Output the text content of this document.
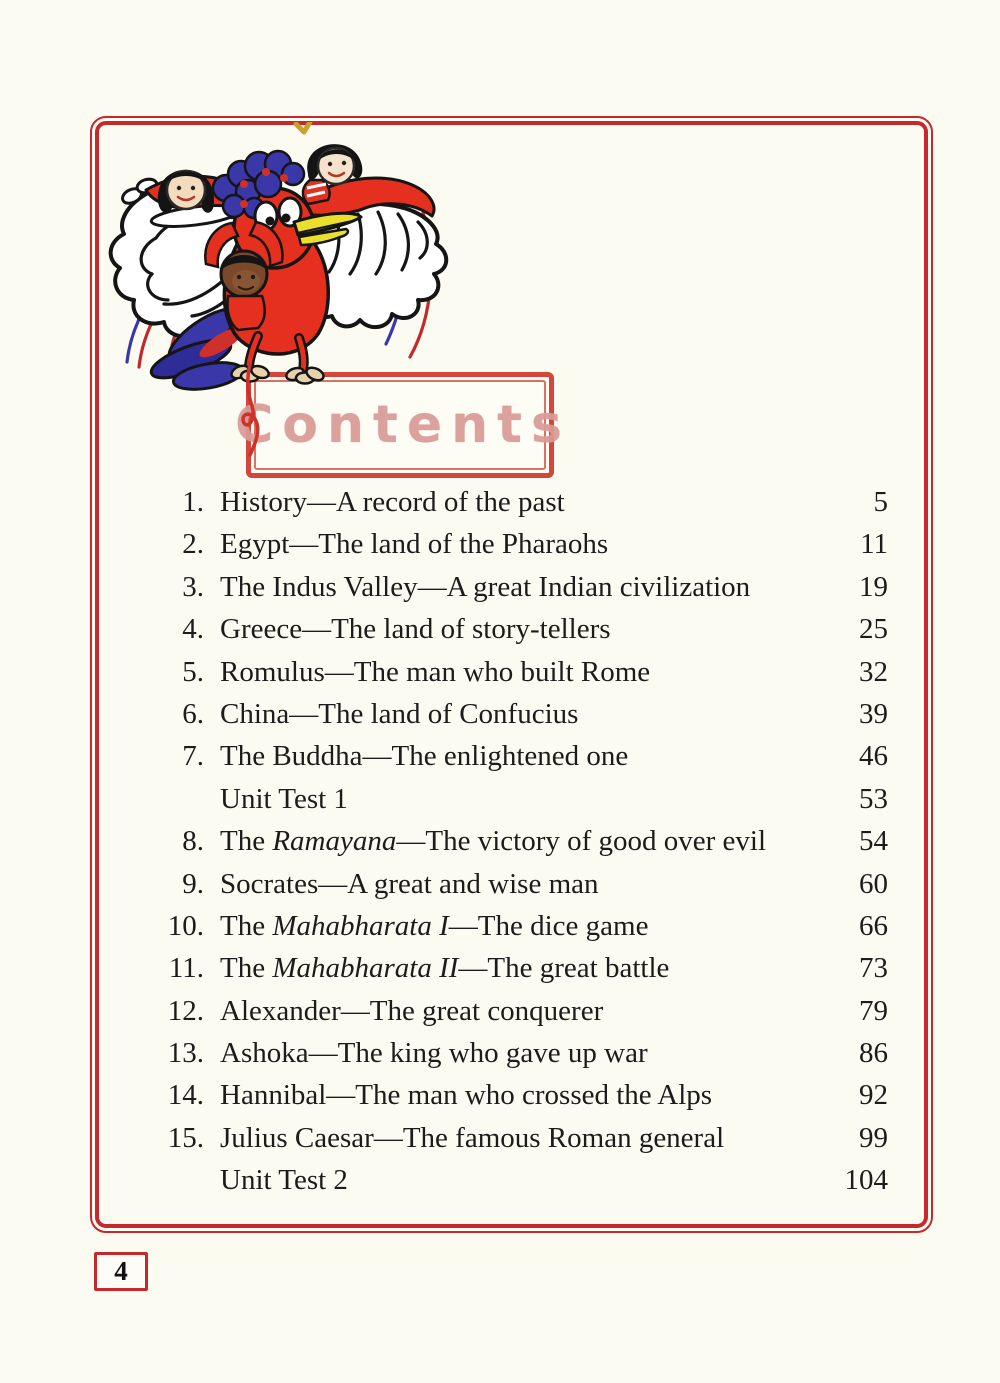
Contents
1. History—A record of the past	5
2. Egypt—The land of the Pharaohs	11
3. The Indus Valley—A great Indian civilization	19
4. Greece—The land of story-tellers	25
5. Romulus—The man who built Rome	32
6. China—The land of Confucius	39
7. The Buddha—The enlightened one	46
Unit Test 1	53
8. The Ramayana—The victory of good over evil	54
9. Socrates—A great and wise man	60
10. The Mahabharata I—The dice game	66
11. The Mahabharata II—The great battle	73
12. Alexander—The great conquerer	79
13. Ashoka—The king who gave up war	86
14. Hannibal—The man who crossed the Alps	92
15. Julius Caesar—The famous Roman general	99
Unit Test 2	104
4
